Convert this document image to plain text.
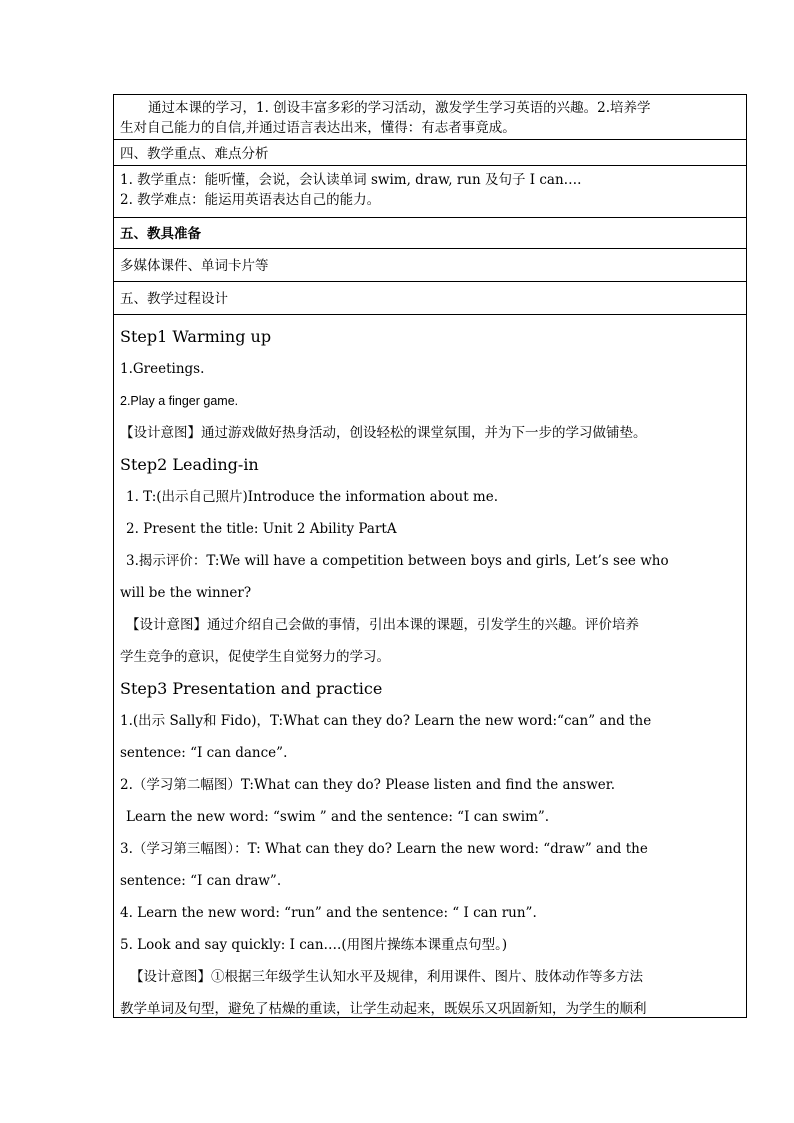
通过本课的学习，1. 创设丰富多彩的学习活动，激发学生学习英语的兴趣。2.培养学
生对自己能力的自信,并通过语言表达出来，懂得：有志者事竟成。
四、教学重点、难点分析
1. 教学重点：能听懂，会说，会认读单词 swim, draw, run 及句子 I can….
2. 教学难点：能运用英语表达自己的能力。
五、教具准备
多媒体课件、单词卡片等
五、教学过程设计
Step1 Warming up
1.Greetings.
2.Play a finger game.
【设计意图】通过游戏做好热身活动，创设轻松的课堂氛围，并为下一步的学习做铺垫。
Step2 Leading-in
1. T:(出示自己照片)Introduce the information about me.
2. Present the title: Unit 2 Ability PartA
3.揭示评价：T:We will have a competition between boys and girls, Let’s see who
will be the winner?
【设计意图】通过介绍自己会做的事情，引出本课的课题，引发学生的兴趣。评价培养
学生竞争的意识，促使学生自觉努力的学习。
Step3 Presentation and practice
1.(出示 Sally和 Fido)，T:What can they do? Learn the new word:“can” and the
sentence: “I can dance”.
2.（学习第二幅图）T:What can they do? Please listen and find the answer.
Learn the new word: “swim ” and the sentence: “I can swim”.
3.（学习第三幅图）：T: What can they do? Learn the new word: “draw” and the
sentence: “I can draw”.
4. Learn the new word: “run” and the sentence: “ I can run”.
5. Look and say quickly: I can….(用图片操练本课重点句型。)
【设计意图】①根据三年级学生认知水平及规律，利用课件、图片、肢体动作等多方法
教学单词及句型，避免了枯燥的重读，让学生动起来，既娱乐又巩固新知，为学生的顺利
